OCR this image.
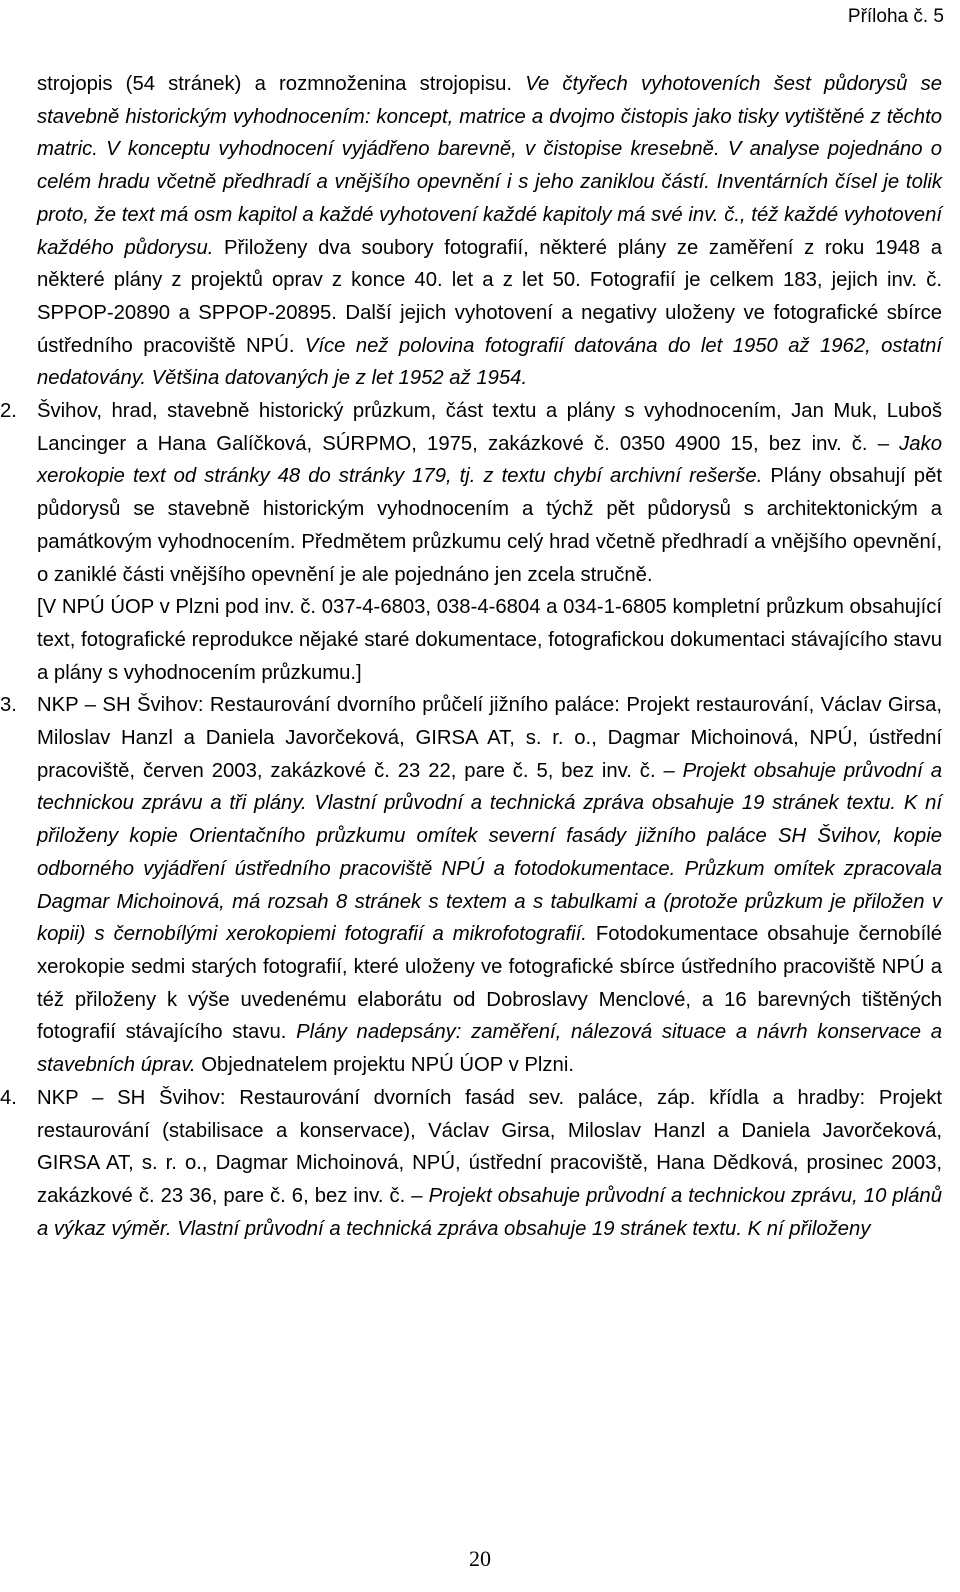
Příloha č. 5

strojopis (54 stránek) a rozmnoženina strojopisu. Ve čtyřech vyhotoveních šest půdorysů se stavebně historickým vyhodnocením: koncept, matrice a dvojmo čistopis jako tisky vytištěné z těchto matric. V konceptu vyhodnocení vyjádřeno barevně, v čistopise kresebně. V analyse pojednáno o celém hradu včetně předhradí a vnějšího opevnění i s jeho zaniklou částí. Inventárních čísel je tolik proto, že text má osm kapitol a každé vyhotovení každé kapitoly má své inv. č., též každé vyhotovení každého půdorysu. Přiloženy dva soubory fotografií, některé plány ze zaměření z roku 1948 a některé plány z projektů oprav z konce 40. let a z let 50. Fotografií je celkem 183, jejich inv. č. SPPOP-20890 a SPPOP-20895. Další jejich vyhotovení a negativy uloženy ve fotografické sbírce ústředního pracoviště NPÚ. Více než polovina fotografií datována do let 1950 až 1962, ostatní nedatovány. Většina datovaných je z let 1952 až 1954.

2. Švihov, hrad, stavebně historický průzkum, část textu a plány s vyhodnocením, Jan Muk, Luboš Lancinger a Hana Galíčková, SÚRPMO, 1975, zakázkové č. 0350 4900 15, bez inv. č. – Jako xerokopie text od stránky 48 do stránky 179, tj. z textu chybí archivní rešerše. Plány obsahují pět půdorysů se stavebně historickým vyhodnocením a týchž pět půdorysů s architektonickým a památkovým vyhodnocením. Předmětem průzkumu celý hrad včetně předhradí a vnějšího opevnění, o zaniklé části vnějšího opevnění je ale pojednáno jen zcela stručně.

[V NPÚ ÚOP v Plzni pod inv. č. 037-4-6803, 038-4-6804 a 034-1-6805 kompletní průzkum obsahující text, fotografické reprodukce nějaké staré dokumentace, fotografickou dokumentaci stávajícího stavu a plány s vyhodnocením průzkumu.]

3. NKP – SH Švihov: Restaurování dvorního průčelí jižního paláce: Projekt restaurování, Václav Girsa, Miloslav Hanzl a Daniela Javorčeková, GIRSA AT, s. r. o., Dagmar Michoinová, NPÚ, ústřední pracoviště, červen 2003, zakázkové č. 23 22, pare č. 5, bez inv. č. – Projekt obsahuje průvodní a technickou zprávu a tři plány. Vlastní průvodní a technická zpráva obsahuje 19 stránek textu. K ní přiloženy kopie Orientačního průzkumu omítek severní fasády jižního paláce SH Švihov, kopie odborného vyjádření ústředního pracoviště NPÚ a fotodokumentace. Průzkum omítek zpracovala Dagmar Michoinová, má rozsah 8 stránek s textem a s tabulkami a (protože průzkum je přiložen v kopii) s černobílými xerokopiemi fotografií a mikrofotografií. Fotodokumentace obsahuje černobílé xerokopie sedmi starých fotografií, které uloženy ve fotografické sbírce ústředního pracoviště NPÚ a též přiloženy k výše uvedenému elaborátu od Dobroslavy Menclové, a 16 barevných tištěných fotografií stávajícího stavu. Plány nadepsány: zaměření, nálezová situace a návrh konservace a stavebních úprav. Objednatelem projektu NPÚ ÚOP v Plzni.

4. NKP – SH Švihov: Restaurování dvorních fasád sev. paláce, záp. křídla a hradby: Projekt restaurování (stabilisace a konservace), Václav Girsa, Miloslav Hanzl a Daniela Javorčeková, GIRSA AT, s. r. o., Dagmar Michoinová, NPÚ, ústřední pracoviště, Hana Dědková, prosinec 2003, zakázkové č. 23 36, pare č. 6, bez inv. č. – Projekt obsahuje průvodní a technickou zprávu, 10 plánů a výkaz výměr. Vlastní průvodní a technická zpráva obsahuje 19 stránek textu. K ní přiloženy

20
